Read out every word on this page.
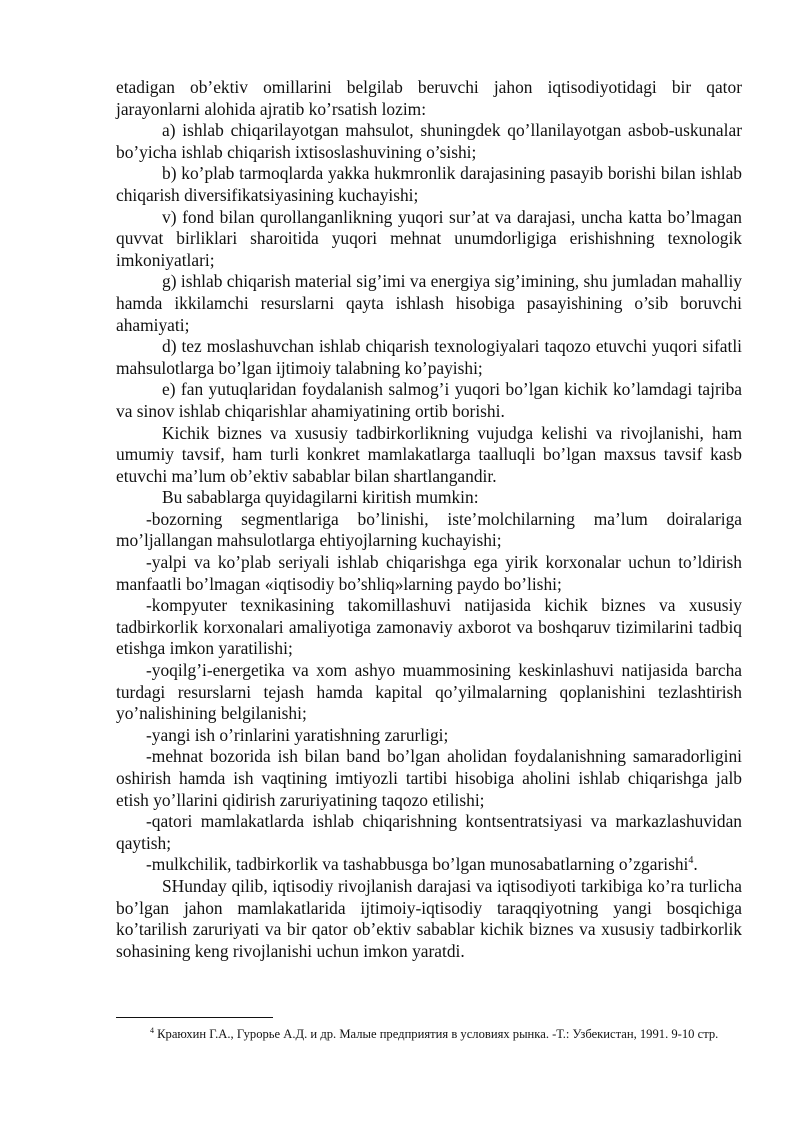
etadigan ob’ektiv omillarini belgilab beruvchi jahon iqtisodiyotidagi bir qator jarayonlarni alohida ajratib ko’rsatish lozim:

a) ishlab chiqarilayotgan mahsulot, shuningdek qo’llanilayotgan asbob-uskunalar bo’yicha ishlab chiqarish ixtisoslashuvining o’sishi;

b) ko’plab tarmoqlarda yakka hukmronlik darajasining pasayib borishi bilan ishlab chiqarish diversifikatsiyasining kuchayishi;

v) fond bilan qurollanganlikning yuqori sur’at va darajasi, uncha katta bo’lmagan quvvat birliklari sharoitida yuqori mehnat unumdorligiga erishishning texnologik imkoniyatlari;

g) ishlab chiqarish material sig’imi va energiya sig’imining, shu jumladan mahalliy hamda ikkilamchi resurslarni qayta ishlash hisobiga pasayishining o’sib boruvchi ahamiyati;

d) tez moslashuvchan ishlab chiqarish texnologiyalari taqozo etuvchi yuqori sifatli mahsulotlarga bo’lgan ijtimoiy talabning ko’payishi;

e) fan yutuqlaridan foydalanish salmog’i yuqori bo’lgan kichik ko’lamdagi tajriba va sinov ishlab chiqarishlar ahamiyatining ortib borishi.

Kichik biznes va xususiy tadbirkorlikning vujudga kelishi va rivojlanishi, ham umumiy tavsif, ham turli konkret mamlakatlarga taalluqli bo’lgan maxsus tavsif kasb etuvchi ma’lum ob’ektiv sabablar bilan shartlangandir.

Bu sabablarga quyidagilarni kiritish mumkin:

-bozorning segmentlariga bo’linishi, iste’molchilarning ma’lum doiralariga mo’ljallangan mahsulotlarga ehtiyojlarning kuchayishi;

-yalpi va ko’plab seriyali ishlab chiqarishga ega yirik korxonalar uchun to’ldirish manfaatli bo’lmagan «iqtisodiy bo’shliq»larning paydo bo’lishi;

-kompyuter texnikasining takomillashuvi natijasida kichik biznes va xususiy tadbirkorlik korxonalari amaliyotiga zamonaviy axborot va boshqaruv tizimilarini tadbiq etishga imkon yaratilishi;

-yoqilg’i-energetika va xom ashyo muammosining keskinlashuvi natijasida barcha turdagi resurslarni tejash hamda kapital qo’yilmalarning qoplanishini tezlashtirish yo’nalishining belgilanishi;

-yangi ish o’rinlarini yaratishning zarurligi;

-mehnat bozorida ish bilan band bo’lgan aholidan foydalanishning samaradorligini oshirish hamda ish vaqtining imtiyozli tartibi hisobiga aholini ishlab chiqarishga jalb etish yo’llarini qidirish zaruriyatining taqozo etilishi;

-qatori mamlakatlarda ishlab chiqarishning kontsentratsiyasi va markazlashuvidan qaytish;

-mulkchilik, tadbirkorlik va tashabbusga bo’lgan munosabatlarning o’zgarishi$^4$.

SHunday qilib, iqtisodiy rivojlanish darajasi va iqtisodiyoti tarkibiga ko’ra turlicha bo’lgan jahon mamlakatlarida ijtimoiy-iqtisodiy taraqqiyotning yangi bosqichiga ko’tarilish zaruriyati va bir qator ob’ektiv sabablar kichik biznes va xususiy tadbirkorlik sohasining keng rivojlanishi uchun imkon yaratdi.

$^4$ Краюхин Г.А., Гурорье А.Д. и др. Малые предприятия в условиях рынка. -Т.: Узбекистан, 1991. 9-10 стр.
